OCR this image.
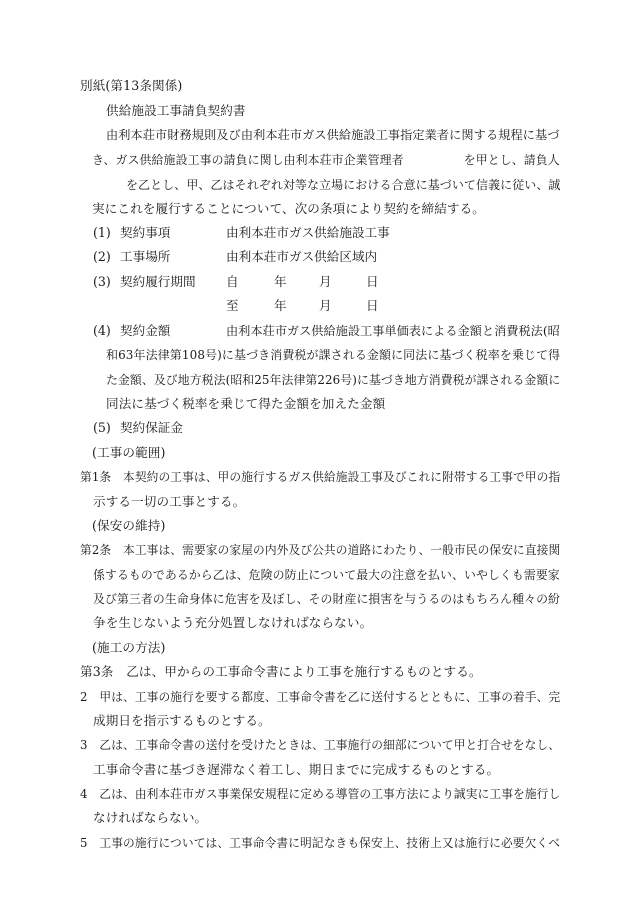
別紙(第13条関係)
供給施設工事請負契約書
由利本荘市財務規則及び由利本荘市ガス供給施設工事指定業者に関する規程に基づ
き、ガス供給施設工事の請負に関し由利本荘市企業管理者　　　　　を甲とし、請負人
を乙とし、甲、乙はそれぞれ対等な立場における合意に基づいて信義に従い、誠
実にこれを履行することについて、次の条項により契約を締結する。
(1) 契約事項	由利本荘市ガス供給施設工事
(2) 工事場所	由利本荘市ガス供給区域内
(3) 契約履行期間 自	年	月	日
至	年	月	日
(4) 契約金額	由利本荘市ガス供給施設工事単価表による金額と消費税法(昭
和63年法律第108号)に基づき消費税が課される金額に同法に基づく税率を乗じて得
た金額、及び地方税法(昭和25年法律第226号)に基づき地方消費税が課される金額に
同法に基づく税率を乗じて得た金額を加えた金額
(5) 契約保証金
(工事の範囲)
第1条　本契約の工事は、甲の施行するガス供給施設工事及びこれに附帯する工事で甲の指
示する一切の工事とする。
(保安の維持)
第2条　本工事は、需要家の家屋の内外及び公共の道路にわたり、一般市民の保安に直接関
係するものであるから乙は、危険の防止について最大の注意を払い、いやしくも需要家
及び第三者の生命身体に危害を及ぼし、その財産に損害を与うるのはもちろん種々の紛
争を生じないよう充分処置しなければならない。
(施工の方法)
第3条　乙は、甲からの工事命令書により工事を施行するものとする。
2　甲は、工事の施行を要する都度、工事命令書を乙に送付するとともに、工事の着手、完
成期日を指示するものとする。
3　乙は、工事命令書の送付を受けたときは、工事施行の細部について甲と打合せをなし、
工事命令書に基づき遅滞なく着工し、期日までに完成するものとする。
4　乙は、由利本荘市ガス事業保安規程に定める導管の工事方法により誠実に工事を施行し
なければならない。
5　工事の施行については、工事命令書に明記なきも保安上、技術上又は施行に必要欠くべ
